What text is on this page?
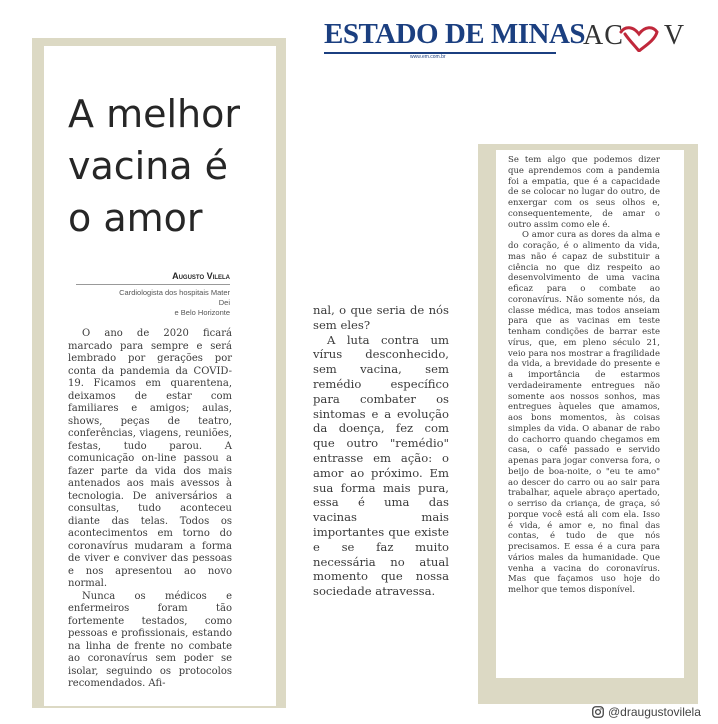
ESTADO DE MINAS
www.em.com.br
AC V
A melhor
vacina é
o amor
Augusto Vilela
Cardiologista dos hospitais Mater Dei
e Belo Horizonte

O ano de 2020 ficará marcado para sempre e será lembrado por gerações por conta da pandemia da COVID-19. Ficamos em quarentena, deixamos de estar com familiares e amigos; aulas, shows, peças de teatro, conferências, viagens, reuniões, festas, tudo parou. A comunicação on-line passou a fazer parte da vida dos mais antenados aos mais avessos à tecnologia. De aniversários a consultas, tudo aconteceu diante das telas. Todos os acontecimentos em torno do coronavírus mudaram a forma de viver e conviver das pessoas e nos apresentou ao novo normal.

Nunca os médicos e enfermeiros foram tão fortemente testados, como pessoas e profissionais, estando na linha de frente no combate ao coronavírus sem poder se isolar, seguindo os protocolos recomendados. Afi-

nal, o que seria de nós sem eles?

A luta contra um vírus desconhecido, sem vacina, sem remédio específico para combater os sintomas e a evolução da doença, fez com que outro "remédio" entrasse em ação: o amor ao próximo. Em sua forma mais pura, essa é uma das vacinas mais importantes que existe e se faz muito necessária no atual momento que nossa sociedade atravessa.

Se tem algo que podemos dizer que aprendemos com a pandemia foi a empatia, que é a capacidade de se colocar no lugar do outro, de enxergar com os seus olhos e, consequentemente, de amar o outro assim como ele é.

O amor cura as dores da alma e do coração, é o alimento da vida, mas não é capaz de substituir a ciência no que diz respeito ao desenvolvimento de uma vacina eficaz para o combate ao coronavírus. Não somente nós, da classe médica, mas todos anseiam para que as vacinas em teste tenham condições de barrar este vírus, que, em pleno século 21, veio para nos mostrar a fragilidade da vida, a brevidade do presente e a importância de estarmos verdadeiramente entregues não somente aos nossos sonhos, mas entregues àqueles que amamos, aos bons momentos, às coisas simples da vida. O abanar de rabo do cachorro quando chegamos em casa, o café passado e servido apenas para jogar conversa fora, o beijo de boa-noite, o "eu te amo" ao descer do carro ou ao sair para trabalhar, aquele abraço apertado, o serriso da criança, de graça, só porque você está ali com ela. Isso é vida, é amor e, no final das contas, é tudo de que nós precisamos. E essa é a cura para vários males da humanidade. Que venha a vacina do coronavírus. Mas que façamos uso hoje do melhor que temos disponível.

@draugustovilela
